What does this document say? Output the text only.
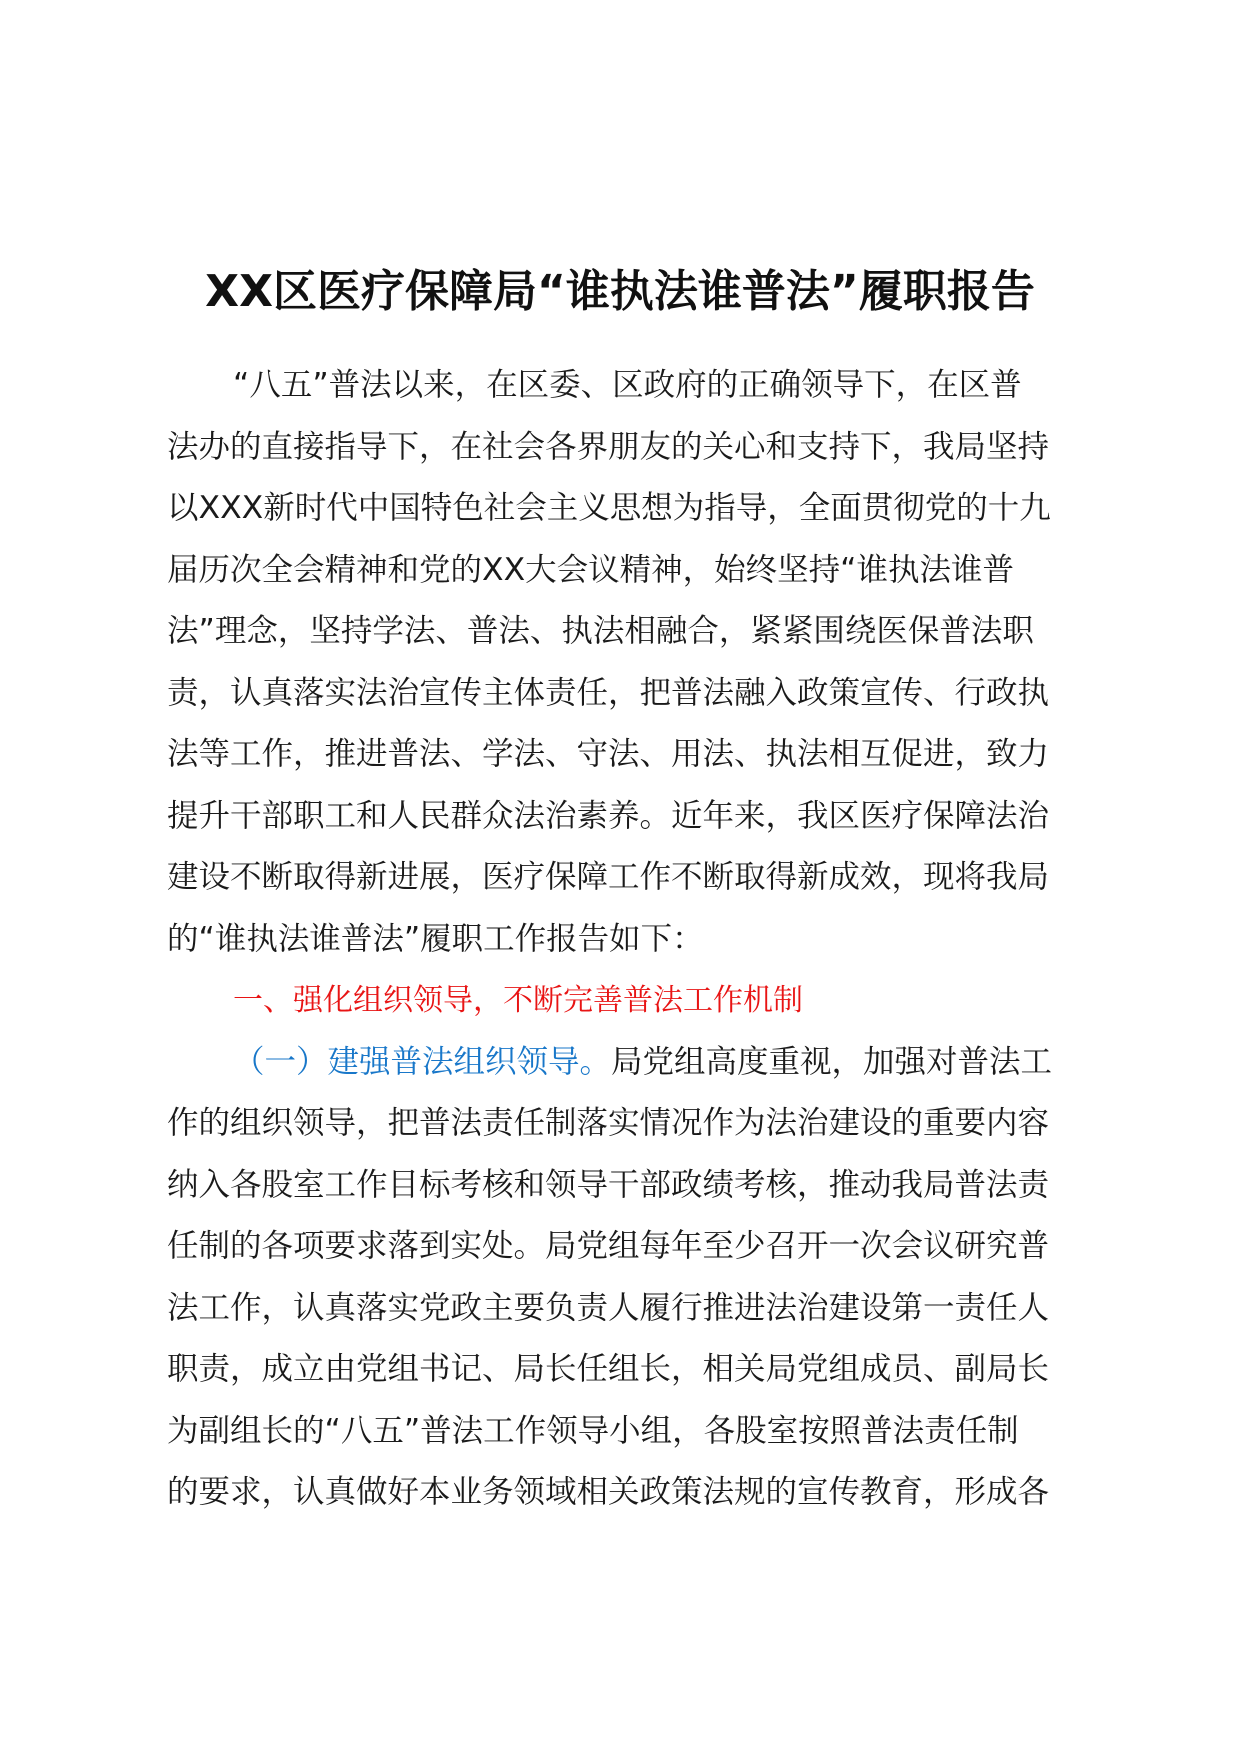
XX区医疗保障局“谁执法谁普法”履职报告
“八五”普法以来，在区委、区政府的正确领导下，在区普
法办的直接指导下，在社会各界朋友的关心和支持下，我局坚持
以XXX新时代中国特色社会主义思想为指导，全面贯彻党的十九
届历次全会精神和党的XX大会议精神，始终坚持“谁执法谁普
法”理念，坚持学法、普法、执法相融合，紧紧围绕医保普法职
责，认真落实法治宣传主体责任，把普法融入政策宣传、行政执
法等工作，推进普法、学法、守法、用法、执法相互促进，致力
提升干部职工和人民群众法治素养。近年来，我区医疗保障法治
建设不断取得新进展，医疗保障工作不断取得新成效，现将我局
的“谁执法谁普法”履职工作报告如下：
一、强化组织领导，不断完善普法工作机制
（一）建强普法组织领导。局党组高度重视，加强对普法工
作的组织领导，把普法责任制落实情况作为法治建设的重要内容
纳入各股室工作目标考核和领导干部政绩考核，推动我局普法责
任制的各项要求落到实处。局党组每年至少召开一次会议研究普
法工作，认真落实党政主要负责人履行推进法治建设第一责任人
职责，成立由党组书记、局长任组长，相关局党组成员、副局长
为副组长的“八五”普法工作领导小组，各股室按照普法责任制
的要求，认真做好本业务领域相关政策法规的宣传教育，形成各
